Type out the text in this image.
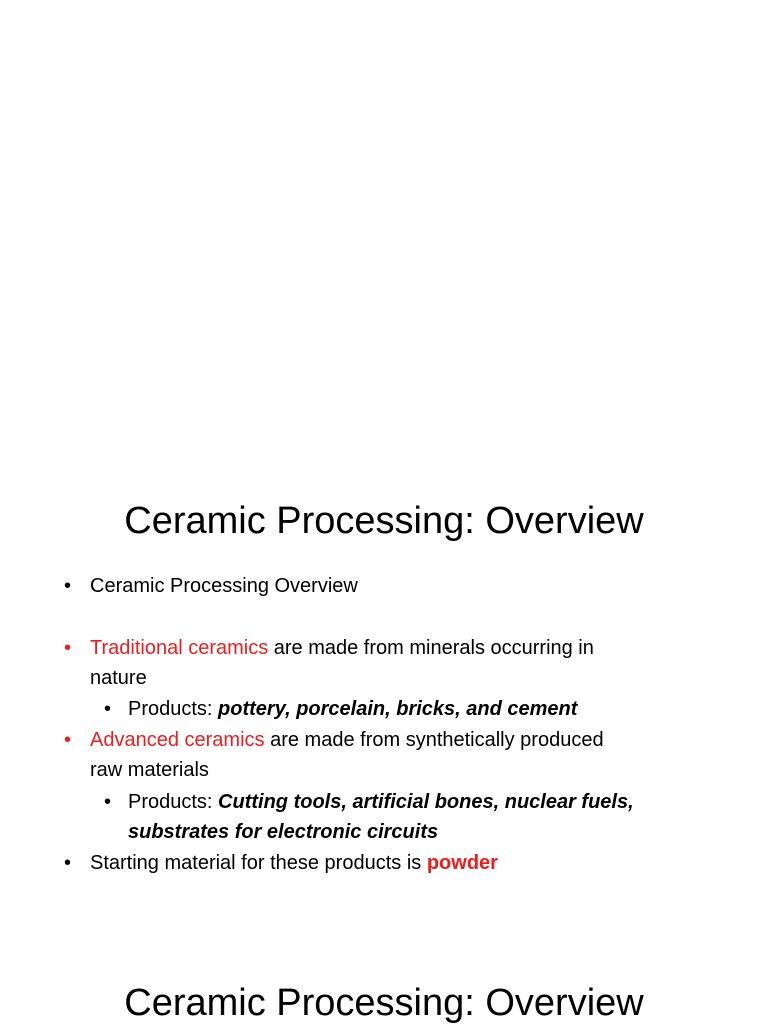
Ceramic Processing: Overview
• Ceramic Processing Overview
• Traditional ceramics are made from minerals occurring in
nature
• Products: pottery, porcelain, bricks, and cement
• Advanced ceramics are made from synthetically produced
raw materials
• Products: Cutting tools, artificial bones, nuclear fuels,
substrates for electronic circuits
• Starting material for these products is powder
Ceramic Processing: Overview
